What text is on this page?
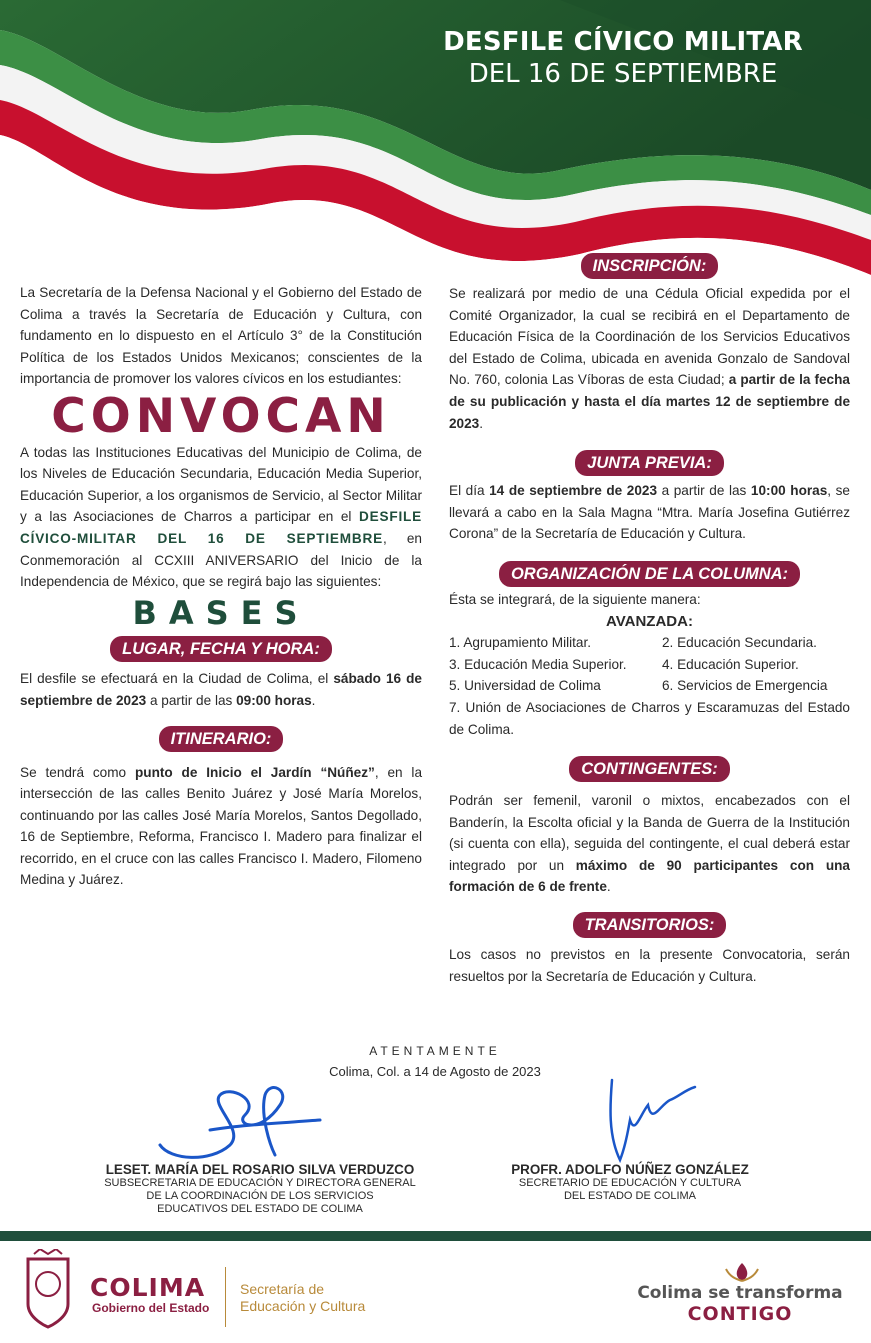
DESFILE CÍVICO MILITAR
DEL 16 DE SEPTIEMBRE

La Secretaría de la Defensa Nacional y el Gobierno del Estado de Colima a través la Secretaría de Educación y Cultura, con fundamento en lo dispuesto en el Artículo 3° de la Constitución Política de los Estados Unidos Mexicanos; conscientes de la importancia de promover los valores cívicos en los estudiantes:

CONVOCAN

A todas las Instituciones Educativas del Municipio de Colima, de los Niveles de Educación Secundaria, Educación Media Superior, Educación Superior, a los organismos de Servicio, al Sector Militar y a las Asociaciones de Charros a participar en el DESFILE CÍVICO-MILITAR DEL 16 DE SEPTIEMBRE, en Conmemoración al CCXIII ANIVERSARIO del Inicio de la Independencia de México, que se regirá bajo las siguientes:

BASES
LUGAR, FECHA Y HORA:

El desfile se efectuará en la Ciudad de Colima, el sábado 16 de septiembre de 2023 a partir de las 09:00 horas.

ITINERARIO:

Se tendrá como punto de Inicio el Jardín “Núñez”, en la intersección de las calles Benito Juárez y José María Morelos, continuando por las calles José María Morelos, Santos Degollado, 16 de Septiembre, Reforma, Francisco I. Madero para finalizar el recorrido, en el cruce con las calles Francisco I. Madero, Filomeno Medina y Juárez.

INSCRIPCIÓN:

Se realizará por medio de una Cédula Oficial expedida por el Comité Organizador, la cual se recibirá en el Departamento de Educación Física de la Coordinación de los Servicios Educativos del Estado de Colima, ubicada en avenida Gonzalo de Sandoval No. 760, colonia Las Víboras de esta Ciudad; a partir de la fecha de su publicación y hasta el día martes 12 de septiembre de 2023.

JUNTA PREVIA:

El día 14 de septiembre de 2023 a partir de las 10:00 horas, se llevará a cabo en la Sala Magna “Mtra. María Josefina Gutiérrez Corona” de la Secretaría de Educación y Cultura.

ORGANIZACIÓN DE LA COLUMNA:

Ésta se integrará, de la siguiente manera:

AVANZADA:
1. Agrupamiento Militar.	2. Educación Secundaria.
3. Educación Media Superior.	4. Educación Superior.
5. Universidad de Colima	6. Servicios de Emergencia

7. Unión de Asociaciones de Charros y Escaramuzas del Estado de Colima.

CONTINGENTES:

Podrán ser femenil, varonil o mixtos, encabezados con el Banderín, la Escolta oficial y la Banda de Guerra de la Institución (si cuenta con ella), seguida del contingente, el cual deberá estar integrado por un máximo de 90 participantes con una formación de 6 de frente.

TRANSITORIOS:

Los casos no previstos en la presente Convocatoria, serán resueltos por la Secretaría de Educación y Cultura.

ATENTAMENTE
Colima, Col. a 14 de Agosto de 2023
LESET. MARÍA DEL ROSARIO SILVA VERDUZCO
SUBSECRETARIA DE EDUCACIÓN Y DIRECTORA GENERAL
DE LA COORDINACIÓN DE LOS SERVICIOS
EDUCATIVOS DEL ESTADO DE COLIMA
PROFR. ADOLFO NÚÑEZ GONZÁLEZ
SECRETARIO DE EDUCACIÓN Y CULTURA
DEL ESTADO DE COLIMA
COLIMA
Gobierno del Estado
Secretaría de
Educación y Cultura
Colima se transforma
CONTIGO
